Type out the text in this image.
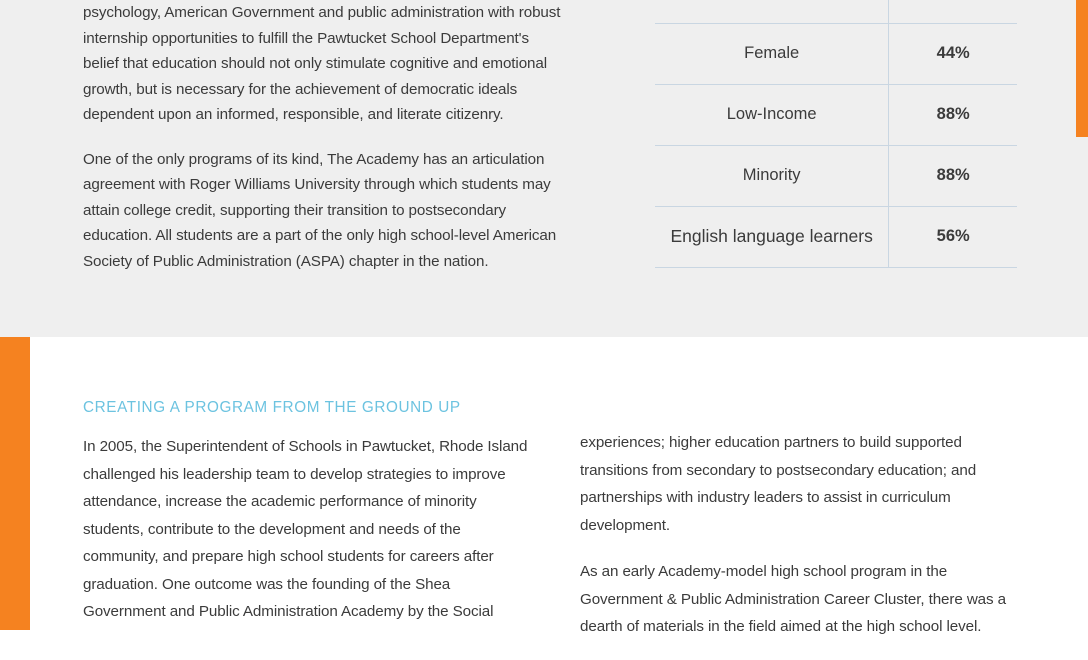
psychology, American Government and public administration with robust internship opportunities to fulfill the Pawtucket School Department's belief that education should not only stimulate cognitive and emotional growth, but is necessary for the achievement of democratic ideals dependent upon an informed, responsible, and literate citizenry.

One of the only programs of its kind, The Academy has an articulation agreement with Roger Williams University through which students may attain college credit, supporting their transition to postsecondary education. All students are a part of the only high school-level American Society of Public Administration (ASPA) chapter in the nation.

Female	44%
Low-Income	88%
Minority	88%
English language learners	56%
CREATING A PROGRAM FROM THE GROUND UP

In 2005, the Superintendent of Schools in Pawtucket, Rhode Island challenged his leadership team to develop strategies to improve attendance, increase the academic performance of minority students, contribute to the development and needs of the community, and prepare high school students for careers after graduation. One outcome was the founding of the Shea Government and Public Administration Academy by the Social

experiences; higher education partners to build supported transitions from secondary to postsecondary education; and partnerships with industry leaders to assist in curriculum development.

As an early Academy-model high school program in the Government & Public Administration Career Cluster, there was a dearth of materials in the field aimed at the high school level.
